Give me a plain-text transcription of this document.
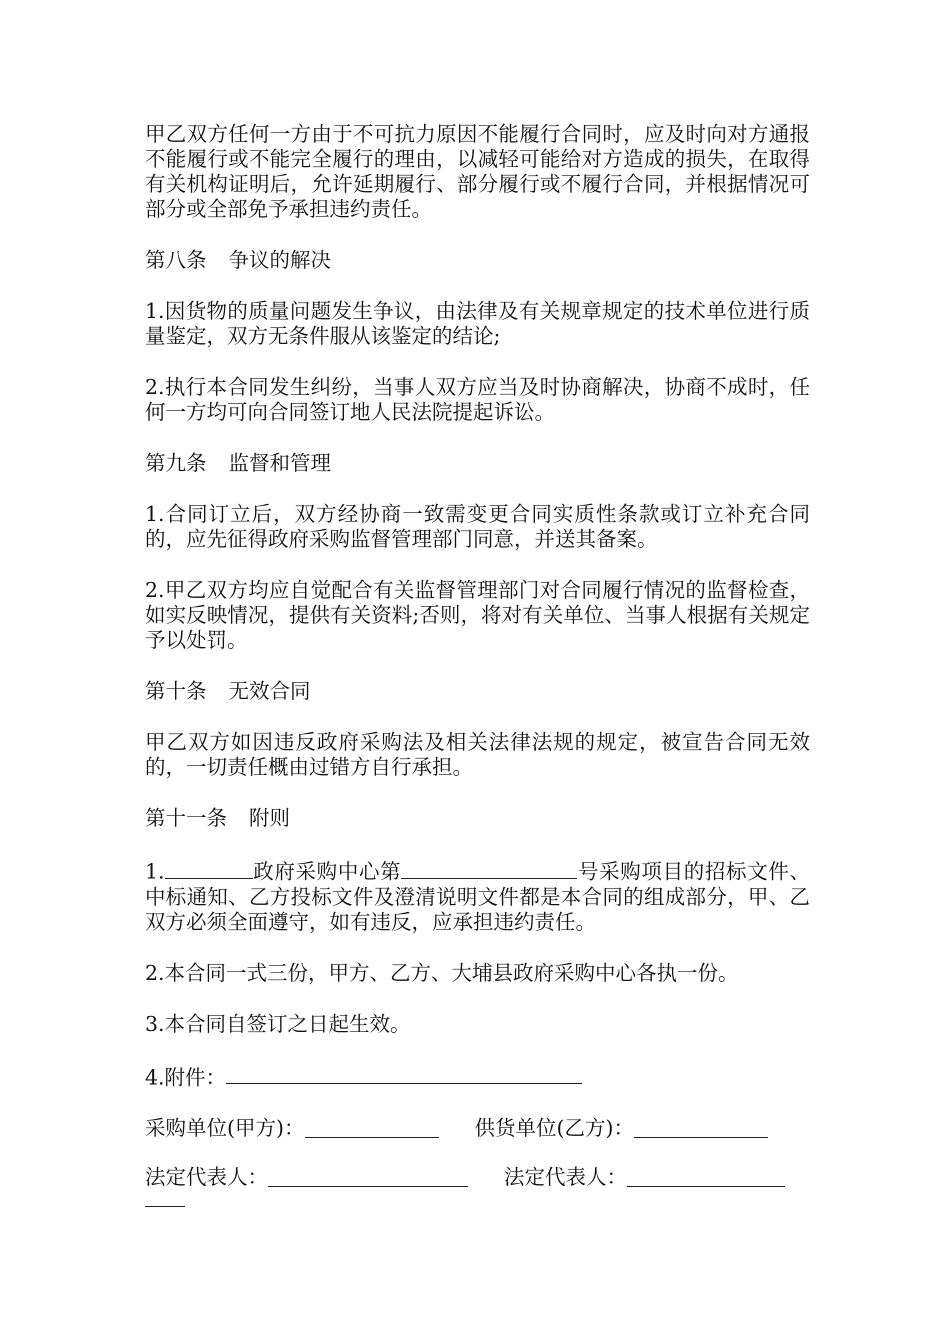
甲乙双方任何一方由于不可抗力原因不能履行合同时，应及时向对方通报不能履行或不能完全履行的理由，以减轻可能给对方造成的损失，在取得有关机构证明后，允许延期履行、部分履行或不履行合同，并根据情况可部分或全部免予承担违约责任。

第八条 争议的解决

1.因货物的质量问题发生争议，由法律及有关规章规定的技术单位进行质量鉴定，双方无条件服从该鉴定的结论;

2.执行本合同发生纠纷，当事人双方应当及时协商解决，协商不成时，任何一方均可向合同签订地人民法院提起诉讼。

第九条 监督和管理

1.合同订立后，双方经协商一致需变更合同实质性条款或订立补充合同的，应先征得政府采购监督管理部门同意，并送其备案。

2.甲乙双方均应自觉配合有关监督管理部门对合同履行情况的监督检查，如实反映情况，提供有关资料;否则，将对有关单位、当事人根据有关规定予以处罚。

第十条 无效合同

甲乙双方如因违反政府采购法及相关法律法规的规定，被宣告合同无效的，一切责任概由过错方自行承担。

第十一条 附则

1.	政府采购中心第	号采购项目的招标文件、中标通知、乙方投标文件及澄清说明文件都是本合同的组成部分，甲、乙双方必须全面遵守，如有违反，应承担违约责任。

2.本合同一式三份，甲方、乙方、大埔县政府采购中心各执一份。

3.本合同自签订之日起生效。

4.附件：

采购单位(甲方)：	供货单位(乙方)：
法定代表人：	法定代表人：
